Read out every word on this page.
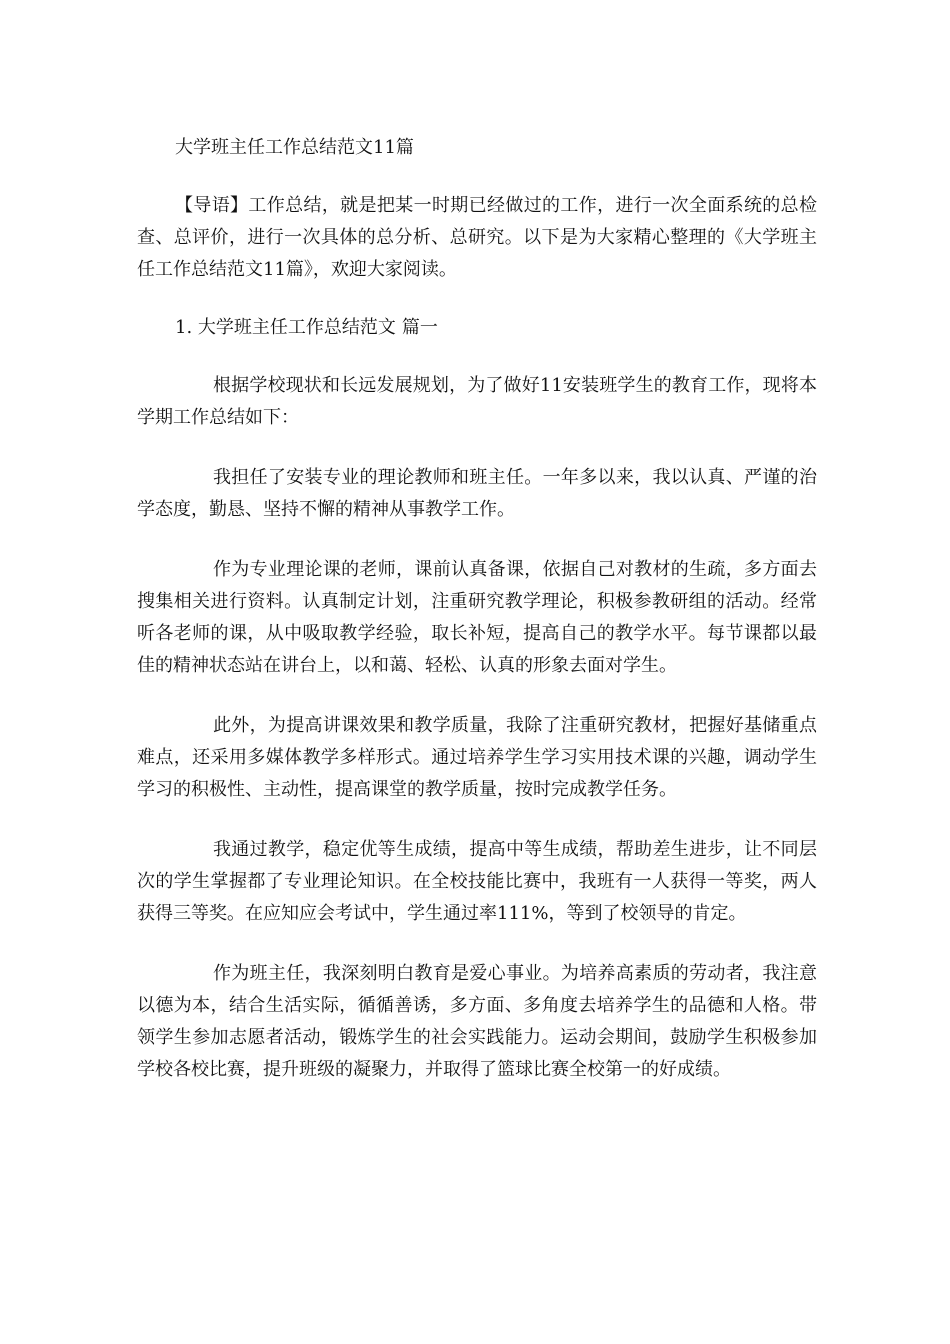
大学班主任工作总结范文11篇

【导语】工作总结，就是把某一时期已经做过的工作，进行一次全面系统的总检查、总评价，进行一次具体的总分析、总研究。以下是为大家精心整理的《大学班主任工作总结范文11篇》，欢迎大家阅读。

1. 大学班主任工作总结范文 篇一

根据学校现状和长远发展规划，为了做好11安装班学生的教育工作，现将本学期工作总结如下：

我担任了安装专业的理论教师和班主任。一年多以来，我以认真、严谨的治学态度，勤恳、坚持不懈的精神从事教学工作。

作为专业理论课的老师，课前认真备课，依据自己对教材的生疏，多方面去搜集相关进行资料。认真制定计划，注重研究教学理论，积极参教研组的活动。经常听各老师的课，从中吸取教学经验，取长补短，提高自己的教学水平。每节课都以最佳的精神状态站在讲台上，以和蔼、轻松、认真的形象去面对学生。

此外，为提高讲课效果和教学质量，我除了注重研究教材，把握好基储重点难点，还采用多媒体教学多样形式。通过培养学生学习实用技术课的兴趣，调动学生学习的积极性、主动性，提高课堂的教学质量，按时完成教学任务。

我通过教学，稳定优等生成绩，提高中等生成绩，帮助差生进步，让不同层次的学生掌握都了专业理论知识。在全校技能比赛中，我班有一人获得一等奖，两人获得三等奖。在应知应会考试中，学生通过率111%，等到了校领导的肯定。

作为班主任，我深刻明白教育是爱心事业。为培养高素质的劳动者，我注意以德为本，结合生活实际，循循善诱，多方面、多角度去培养学生的品德和人格。带领学生参加志愿者活动，锻炼学生的社会实践能力。运动会期间，鼓励学生积极参加学校各校比赛，提升班级的凝聚力，并取得了篮球比赛全校第一的好成绩。
